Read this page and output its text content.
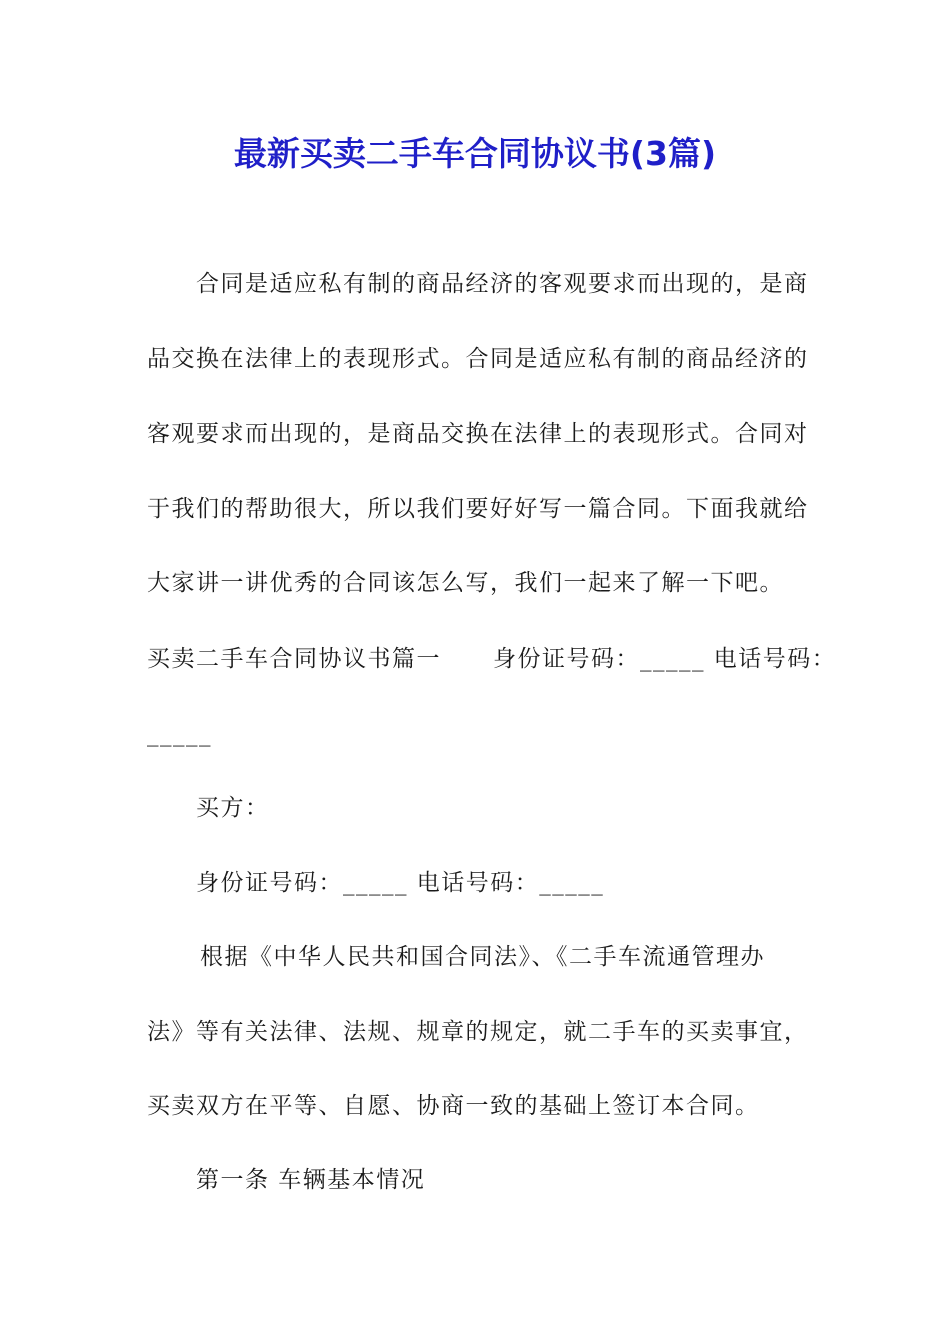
最新买卖二手车合同协议书(3篇)
合同是适应私有制的商品经济的客观要求而出现的，是商
品交换在法律上的表现形式。合同是适应私有制的商品经济的
客观要求而出现的，是商品交换在法律上的表现形式。合同对
于我们的帮助很大，所以我们要好好写一篇合同。下面我就给
大家讲一讲优秀的合同该怎么写，我们一起来了解一下吧。
买卖二手车合同协议书篇一 身份证号码：_____ 电话号码：
_____
买方：
身份证号码：_____ 电话号码：_____
根据《中华人民共和国合同法》、《二手车流通管理办
法》等有关法律、法规、规章的规定，就二手车的买卖事宜，
买卖双方在平等、自愿、协商一致的基础上签订本合同。
第一条 车辆基本情况
